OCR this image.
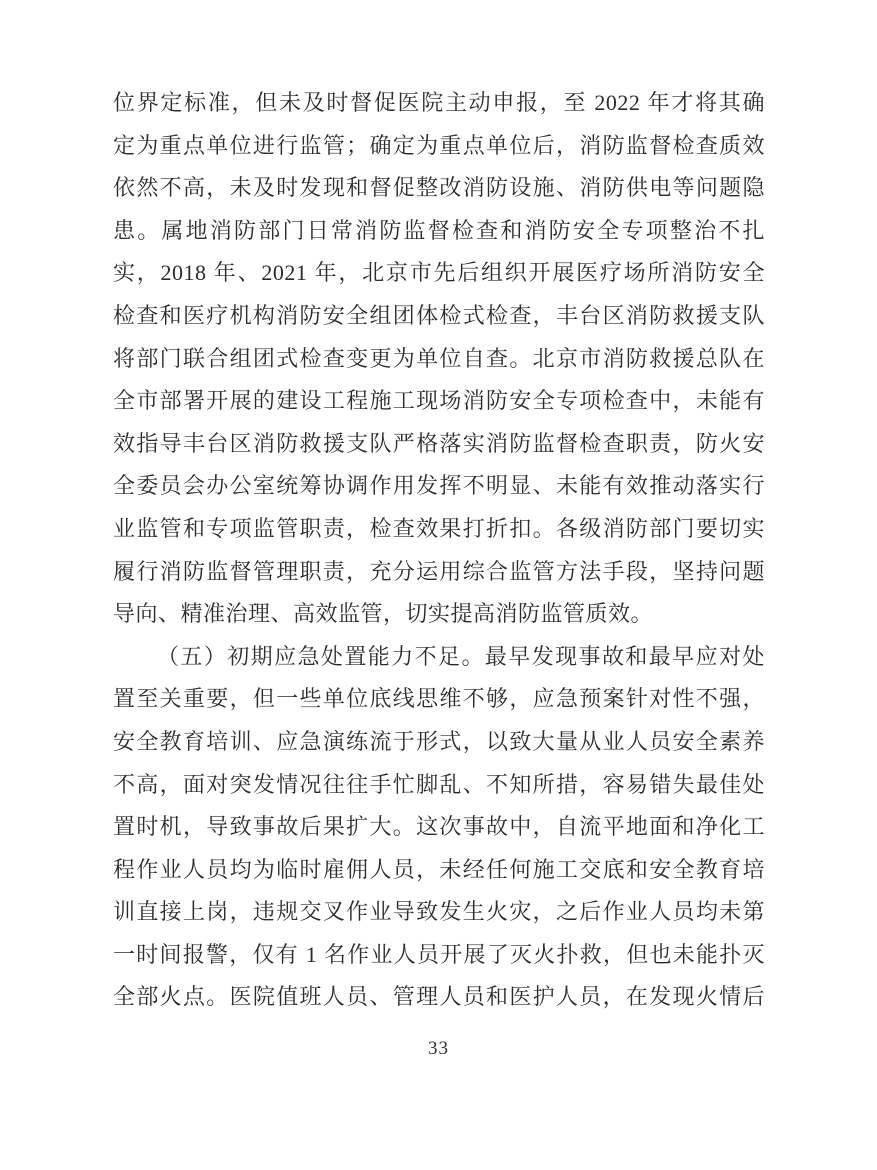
位界定标准，但未及时督促医院主动申报，至 2022 年才将其确
定为重点单位进行监管；确定为重点单位后，消防监督检查质效
依然不高，未及时发现和督促整改消防设施、消防供电等问题隐
患。属地消防部门日常消防监督检查和消防安全专项整治不扎
实，2018 年、2021 年，北京市先后组织开展医疗场所消防安全
检查和医疗机构消防安全组团体检式检查，丰台区消防救援支队
将部门联合组团式检查变更为单位自查。北京市消防救援总队在
全市部署开展的建设工程施工现场消防安全专项检查中，未能有
效指导丰台区消防救援支队严格落实消防监督检查职责，防火安
全委员会办公室统筹协调作用发挥不明显、未能有效推动落实行
业监管和专项监管职责，检查效果打折扣。各级消防部门要切实
履行消防监督管理职责，充分运用综合监管方法手段，坚持问题
导向、精准治理、高效监管，切实提高消防监管质效。
（五）初期应急处置能力不足。最早发现事故和最早应对处
置至关重要，但一些单位底线思维不够，应急预案针对性不强，
安全教育培训、应急演练流于形式，以致大量从业人员安全素养
不高，面对突发情况往往手忙脚乱、不知所措，容易错失最佳处
置时机，导致事故后果扩大。这次事故中，自流平地面和净化工
程作业人员均为临时雇佣人员，未经任何施工交底和安全教育培
训直接上岗，违规交叉作业导致发生火灾，之后作业人员均未第
一时间报警，仅有 1 名作业人员开展了灭火扑救，但也未能扑灭
全部火点。医院值班人员、管理人员和医护人员，在发现火情后
33
